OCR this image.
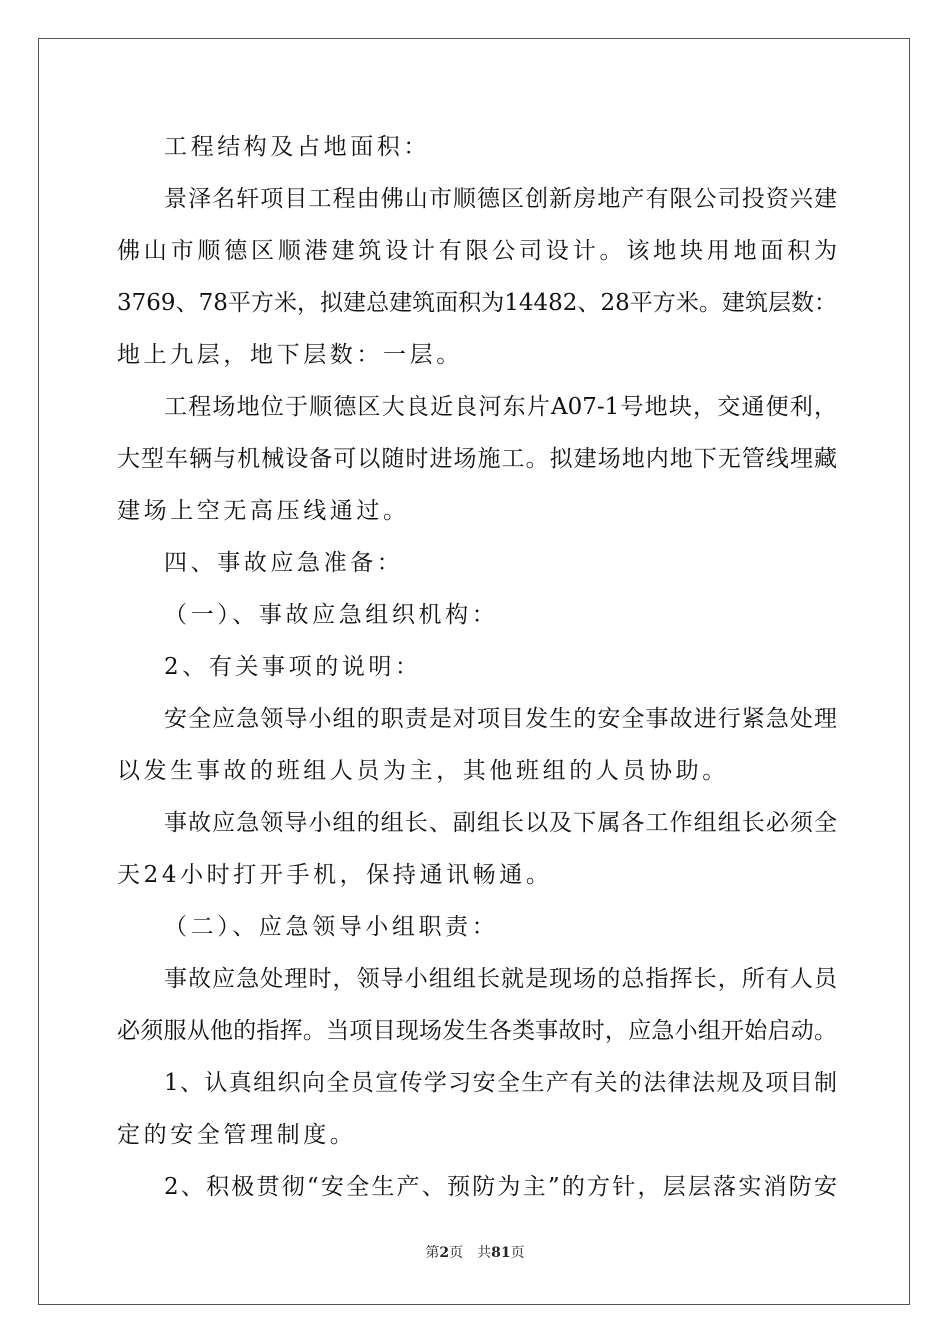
工程结构及占地面积：
景泽名轩项目工程由佛山市顺德区创新房地产有限公司投资兴建
佛山市顺德区顺港建筑设计有限公司设计。该地块用地面积为
3769、78平方米，拟建总建筑面积为14482、28平方米。建筑层数：
地上九层，地下层数：一层。
工程场地位于顺德区大良近良河东片A07-1号地块，交通便利，
大型车辆与机械设备可以随时进场施工。拟建场地内地下无管线埋藏
建场上空无高压线通过。
四、事故应急准备：
（一）、事故应急组织机构：
2、有关事项的说明：
安全应急领导小组的职责是对项目发生的安全事故进行紧急处理
以发生事故的班组人员为主，其他班组的人员协助。
事故应急领导小组的组长、副组长以及下属各工作组组长必须全
天24小时打开手机，保持通讯畅通。
（二）、应急领导小组职责：
事故应急处理时，领导小组组长就是现场的总指挥长，所有人员
必须服从他的指挥。当项目现场发生各类事故时，应急小组开始启动。
1、认真组织向全员宣传学习安全生产有关的法律法规及项目制
定的安全管理制度。
2、积极贯彻“安全生产、预防为主”的方针，层层落实消防安
第2页　共81页
